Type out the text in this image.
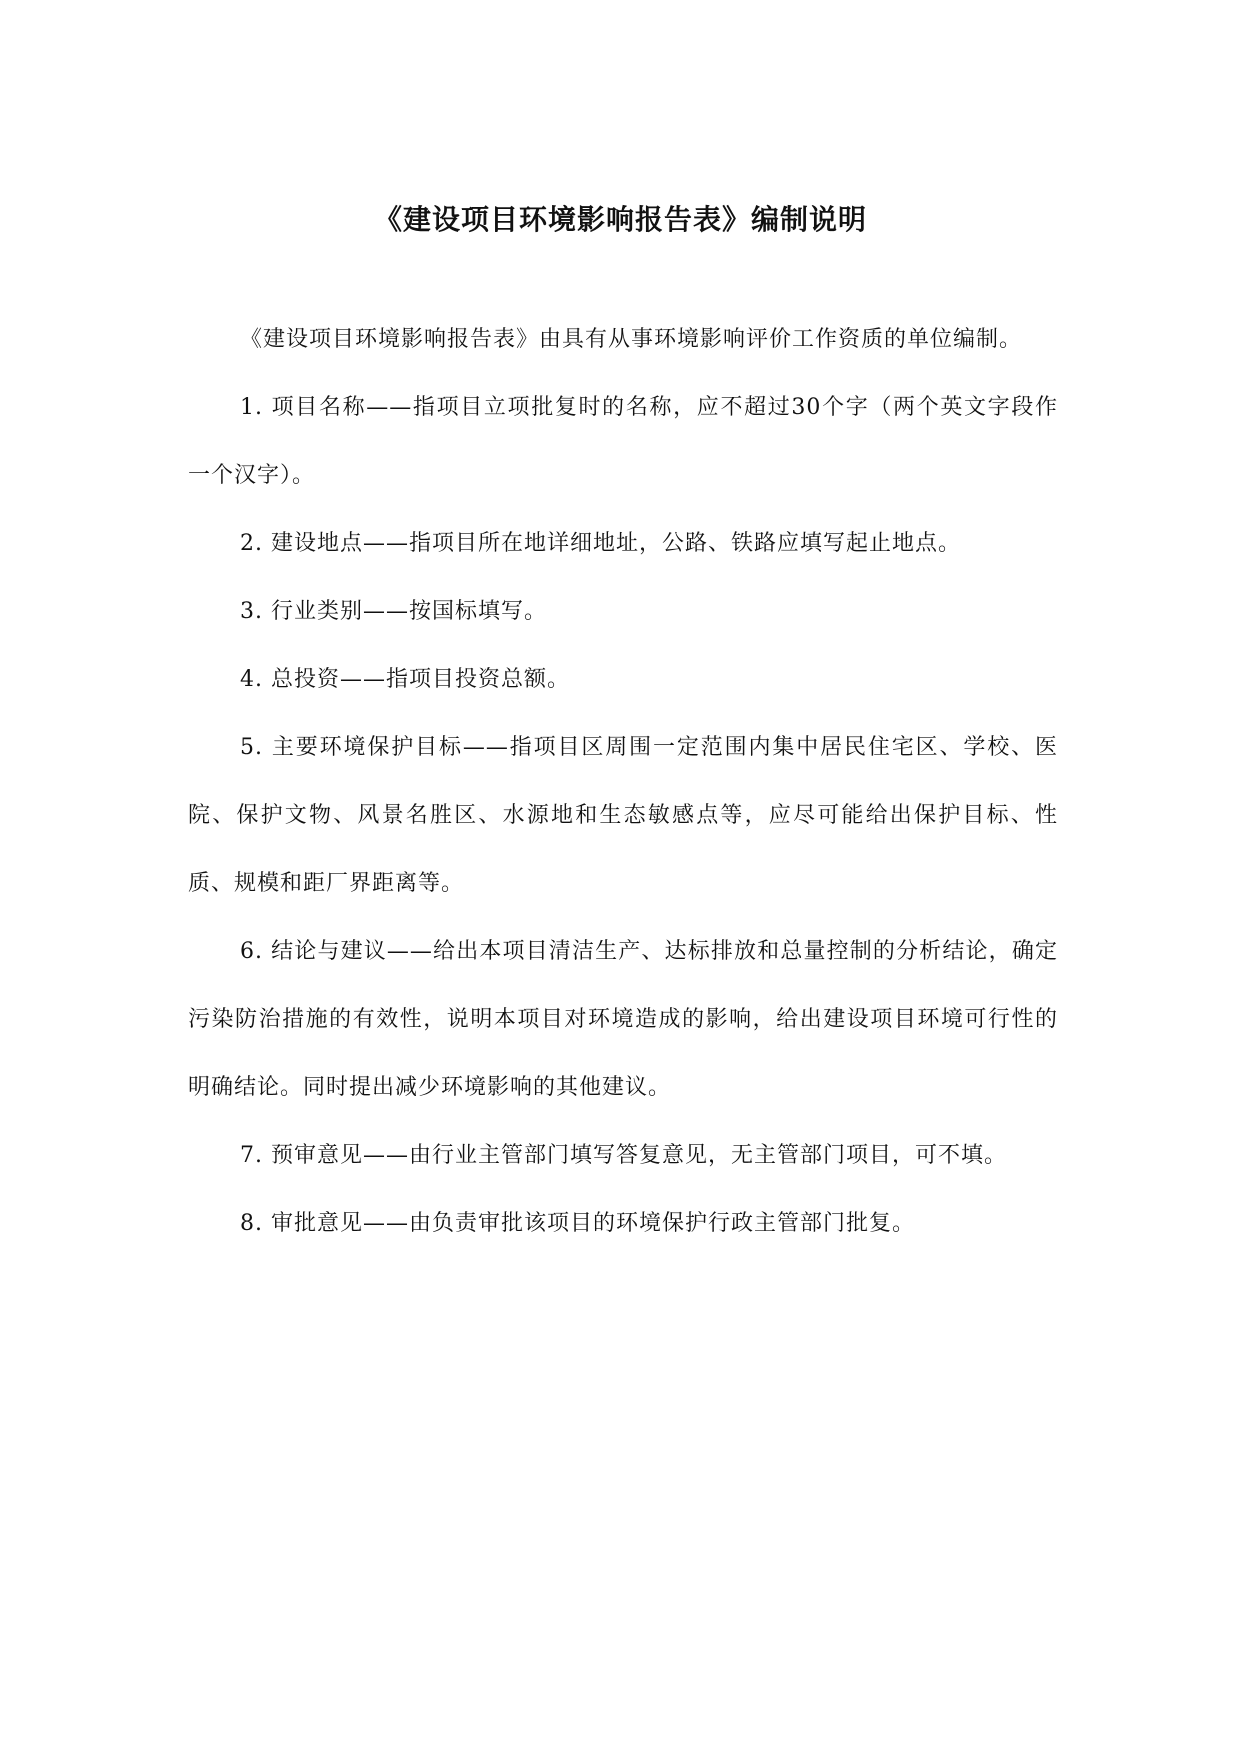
《建设项目环境影响报告表》编制说明

《建设项目环境影响报告表》由具有从事环境影响评价工作资质的单位编制。

1. 项目名称——指项目立项批复时的名称，应不超过30个字（两个英文字段作一个汉字）。

2. 建设地点——指项目所在地详细地址，公路、铁路应填写起止地点。

3. 行业类别——按国标填写。

4. 总投资——指项目投资总额。

5. 主要环境保护目标——指项目区周围一定范围内集中居民住宅区、学校、医院、保护文物、风景名胜区、水源地和生态敏感点等，应尽可能给出保护目标、性质、规模和距厂界距离等。

6. 结论与建议——给出本项目清洁生产、达标排放和总量控制的分析结论，确定污染防治措施的有效性，说明本项目对环境造成的影响，给出建设项目环境可行性的明确结论。同时提出减少环境影响的其他建议。

7. 预审意见——由行业主管部门填写答复意见，无主管部门项目，可不填。

8. 审批意见——由负责审批该项目的环境保护行政主管部门批复。
